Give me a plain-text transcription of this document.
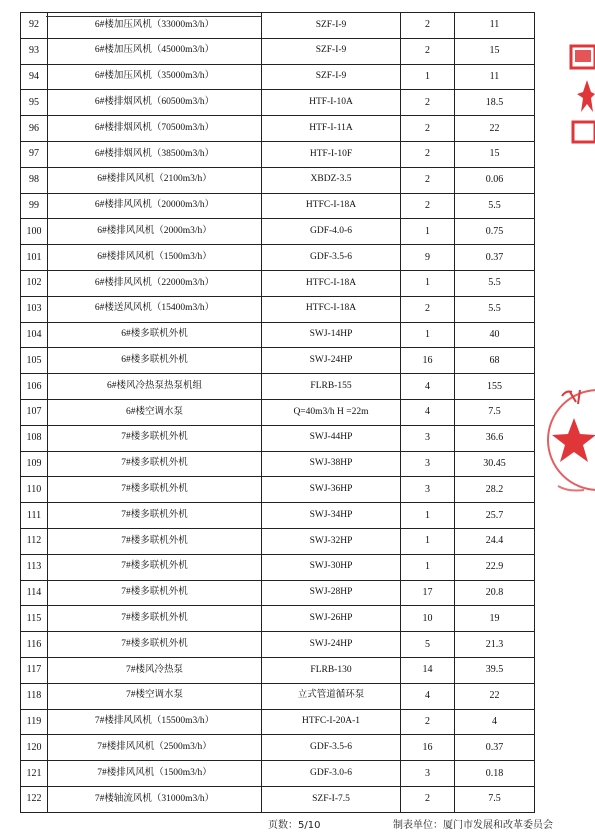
92	6#楼加压风机（33000m3/h）	SZF-I-9	2	11
93	6#楼加压风机（45000m3/h）	SZF-I-9	2	15
94	6#楼加压风机（35000m3/h）	SZF-I-9	1	11
95	6#楼排烟风机（60500m3/h）	HTF-I-10A	2	18.5
96	6#楼排烟风机（70500m3/h）	HTF-I-11A	2	22
97	6#楼排烟风机（38500m3/h）	HTF-I-10F	2	15
98	6#楼排风风机（2100m3/h）	XBDZ-3.5	2	0.06
99	6#楼排风风机（20000m3/h）	HTFC-I-18A	2	5.5
100	6#楼排风风机（2000m3/h）	GDF-4.0-6	1	0.75
101	6#楼排风风机（1500m3/h）	GDF-3.5-6	9	0.37
102	6#楼排风风机（22000m3/h）	HTFC-I-18A	1	5.5
103	6#楼送风风机（15400m3/h）	HTFC-I-18A	2	5.5
104	6#楼多联机外机	SWJ-14HP	1	40
105	6#楼多联机外机	SWJ-24HP	16	68
106	6#楼风冷热泵热泵机组	FLRB-155	4	155
107	6#楼空调水泵	Q=40m3/h H =22m	4	7.5
108	7#楼多联机外机	SWJ-44HP	3	36.6
109	7#楼多联机外机	SWJ-38HP	3	30.45
110	7#楼多联机外机	SWJ-36HP	3	28.2
111	7#楼多联机外机	SWJ-34HP	1	25.7
112	7#楼多联机外机	SWJ-32HP	1	24.4
113	7#楼多联机外机	SWJ-30HP	1	22.9
114	7#楼多联机外机	SWJ-28HP	17	20.8
115	7#楼多联机外机	SWJ-26HP	10	19
116	7#楼多联机外机	SWJ-24HP	5	21.3
117	7#楼风冷热泵	FLRB-130	14	39.5
118	7#楼空调水泵	立式管道循环泵	4	22
119	7#楼排风风机（15500m3/h）	HTFC-I-20A-1	2	4
120	7#楼排风风机（2500m3/h）	GDF-3.5-6	16	0.37
121	7#楼排风风机（1500m3/h）	GDF-3.0-6	3	0.18
122	7#楼轴流风机（31000m3/h）	SZF-I-7.5	2	7.5
页数：5/10	制表单位：厦门市发展和改革委员会
